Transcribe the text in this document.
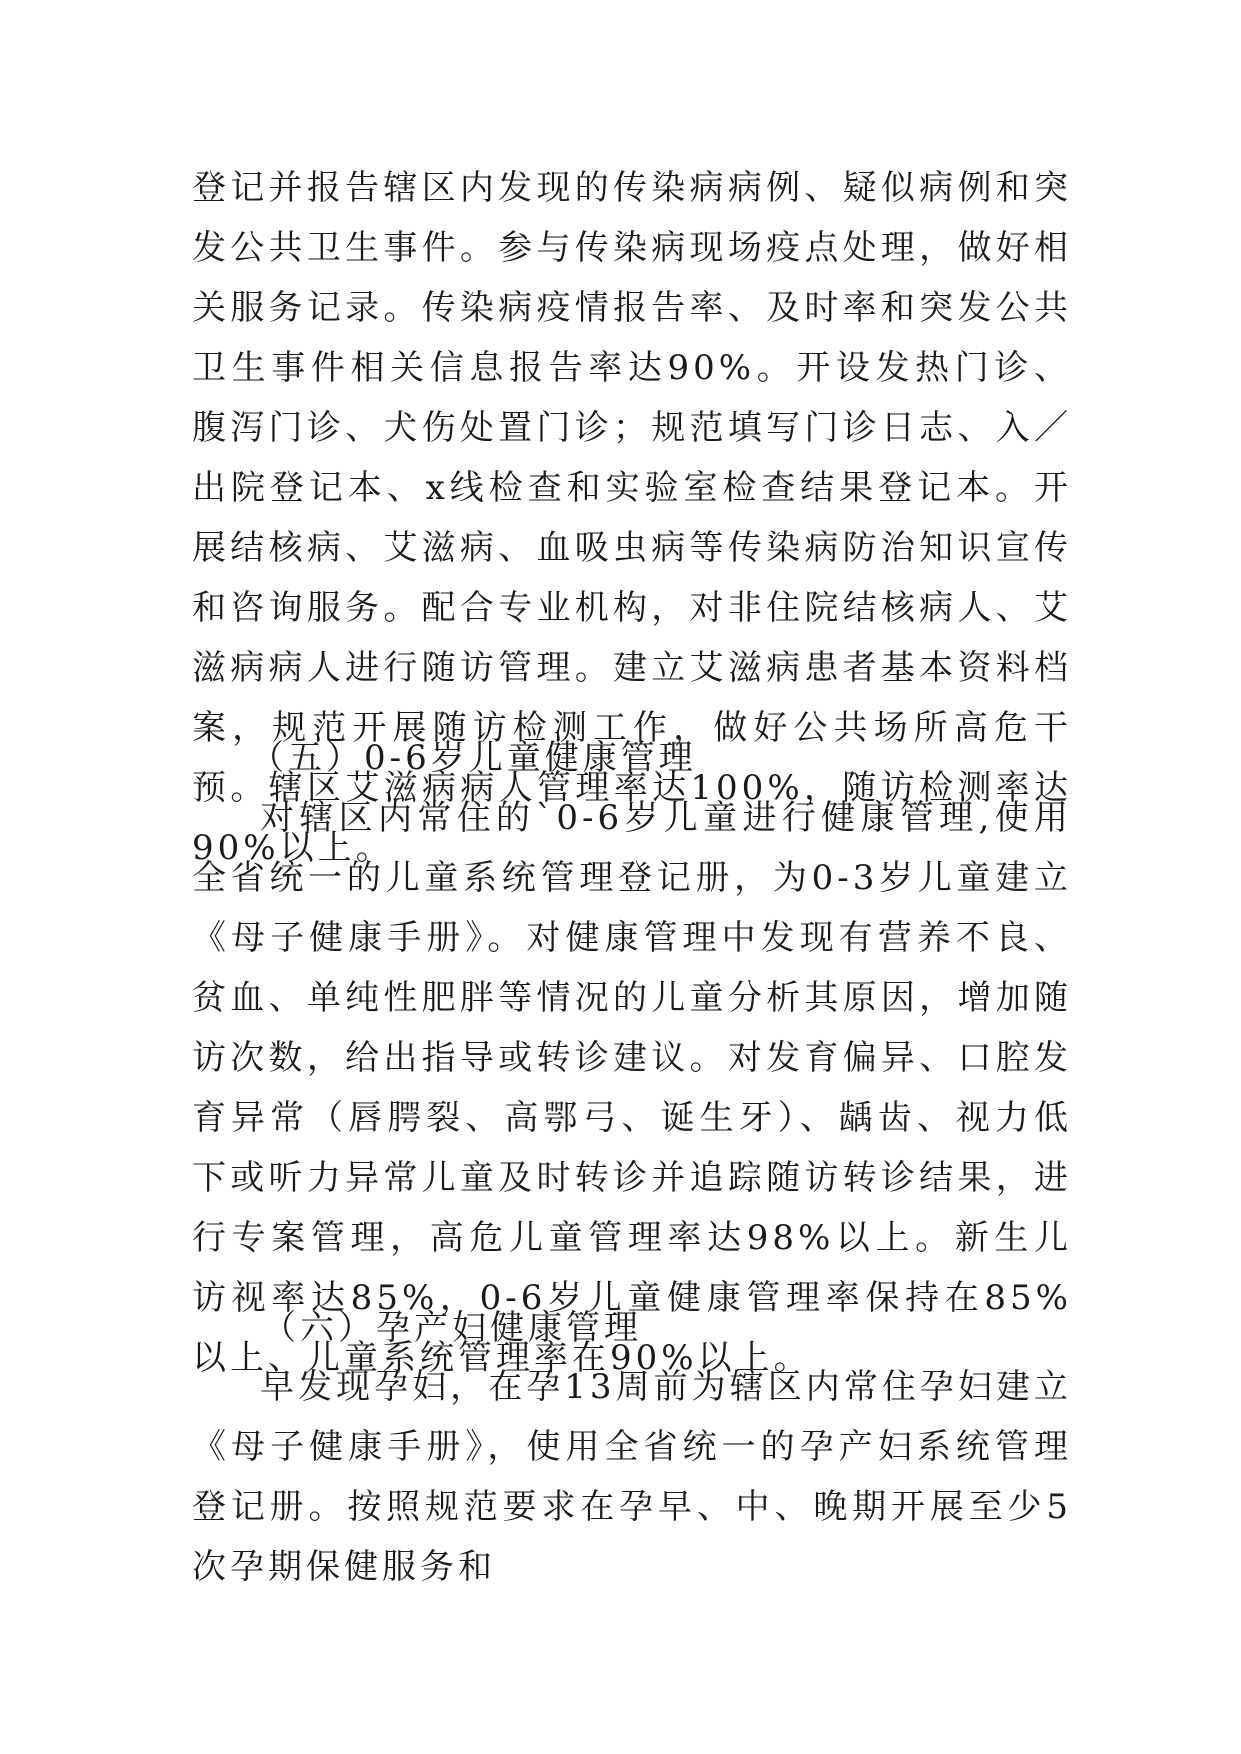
登记并报告辖区内发现的传染病病例、疑似病例和突发公共卫生事件。参与传染病现场疫点处理，做好相关服务记录。传染病疫情报告率、及时率和突发公共卫生事件相关信息报告率达90%。开设发热门诊、腹泻门诊、犬伤处置门诊；规范填写门诊日志、入／出院登记本、x线检查和实验室检查结果登记本。开展结核病、艾滋病、血吸虫病等传染病防治知识宣传和咨询服务。配合专业机构，对非住院结核病人、艾滋病病人进行随访管理。建立艾滋病患者基本资料档案，规范开展随访检测工作，做好公共场所高危干预。辖区艾滋病病人管理率达100%，随访检测率达90%以上。

（五）0-6岁儿童健康管理

对辖区内常住的`0-6岁儿童进行健康管理,使用全省统一的儿童系统管理登记册，为0-3岁儿童建立《母子健康手册》。对健康管理中发现有营养不良、贫血、单纯性肥胖等情况的儿童分析其原因，增加随访次数，给出指导或转诊建议。对发育偏异、口腔发育异常（唇腭裂、高鄂弓、诞生牙）、龋齿、视力低下或听力异常儿童及时转诊并追踪随访转诊结果，进行专案管理，高危儿童管理率达98%以上。新生儿访视率达85%，0-6岁儿童健康管理率保持在85%以上、儿童系统管理率在90%以上。

（六）孕产妇健康管理

早发现孕妇，在孕13周前为辖区内常住孕妇建立《母子健康手册》，使用全省统一的孕产妇系统管理登记册。按照规范要求在孕早、中、晚期开展至少5次孕期保健服务和
